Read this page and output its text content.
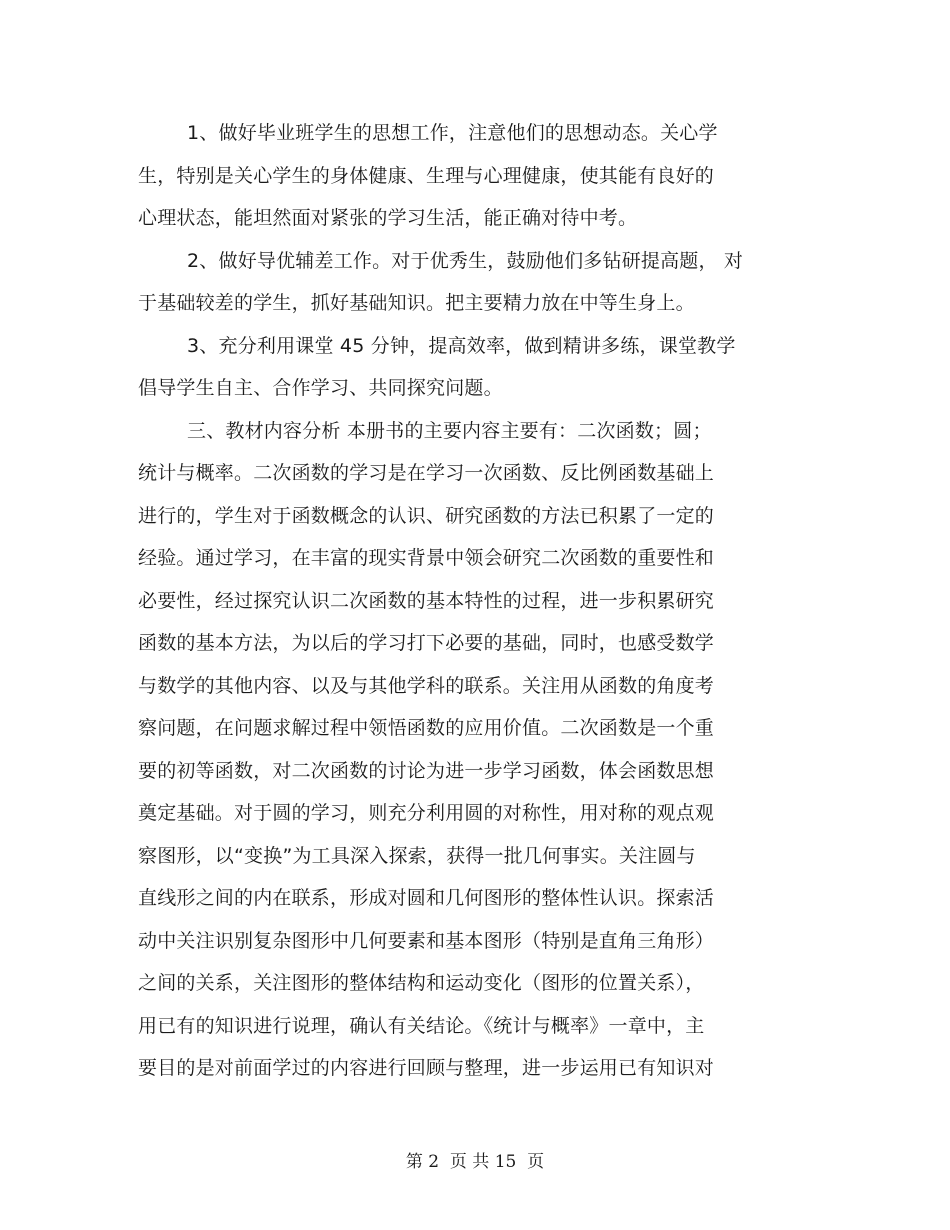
1、做好毕业班学生的思想工作，注意他们的思想动态。关心学
生，特别是关心学生的身体健康、生理与心理健康，使其能有良好的
心理状态，能坦然面对紧张的学习生活，能正确对待中考。
2、做好导优辅差工作。对于优秀生，鼓励他们多钻研提高题， 对
于基础较差的学生，抓好基础知识。把主要精力放在中等生身上。
3、充分利用课堂 45 分钟，提高效率，做到精讲多练，课堂教学
倡导学生自主、合作学习、共同探究问题。
三、教材内容分析 本册书的主要内容主要有：二次函数；圆；
统计与概率。二次函数的学习是在学习一次函数、反比例函数基础上
进行的，学生对于函数概念的认识、研究函数的方法已积累了一定的
经验。通过学习，在丰富的现实背景中领会研究二次函数的重要性和
必要性，经过探究认识二次函数的基本特性的过程，进一步积累研究
函数的基本方法，为以后的学习打下必要的基础，同时，也感受数学
与数学的其他内容、以及与其他学科的联系。关注用从函数的角度考
察问题，在问题求解过程中领悟函数的应用价值。二次函数是一个重
要的初等函数，对二次函数的讨论为进一步学习函数，体会函数思想
奠定基础。对于圆的学习，则充分利用圆的对称性，用对称的观点观
察图形，以“变换”为工具深入探索，获得一批几何事实。关注圆与
直线形之间的内在联系，形成对圆和几何图形的整体性认识。探索活
动中关注识别复杂图形中几何要素和基本图形（特别是直角三角形）
之间的关系，关注图形的整体结构和运动变化（图形的位置关系），
用已有的知识进行说理，确认有关结论。《统计与概率》一章中，主
要目的是对前面学过的内容进行回顾与整理，进一步运用已有知识对
第 2  页 共 15  页
